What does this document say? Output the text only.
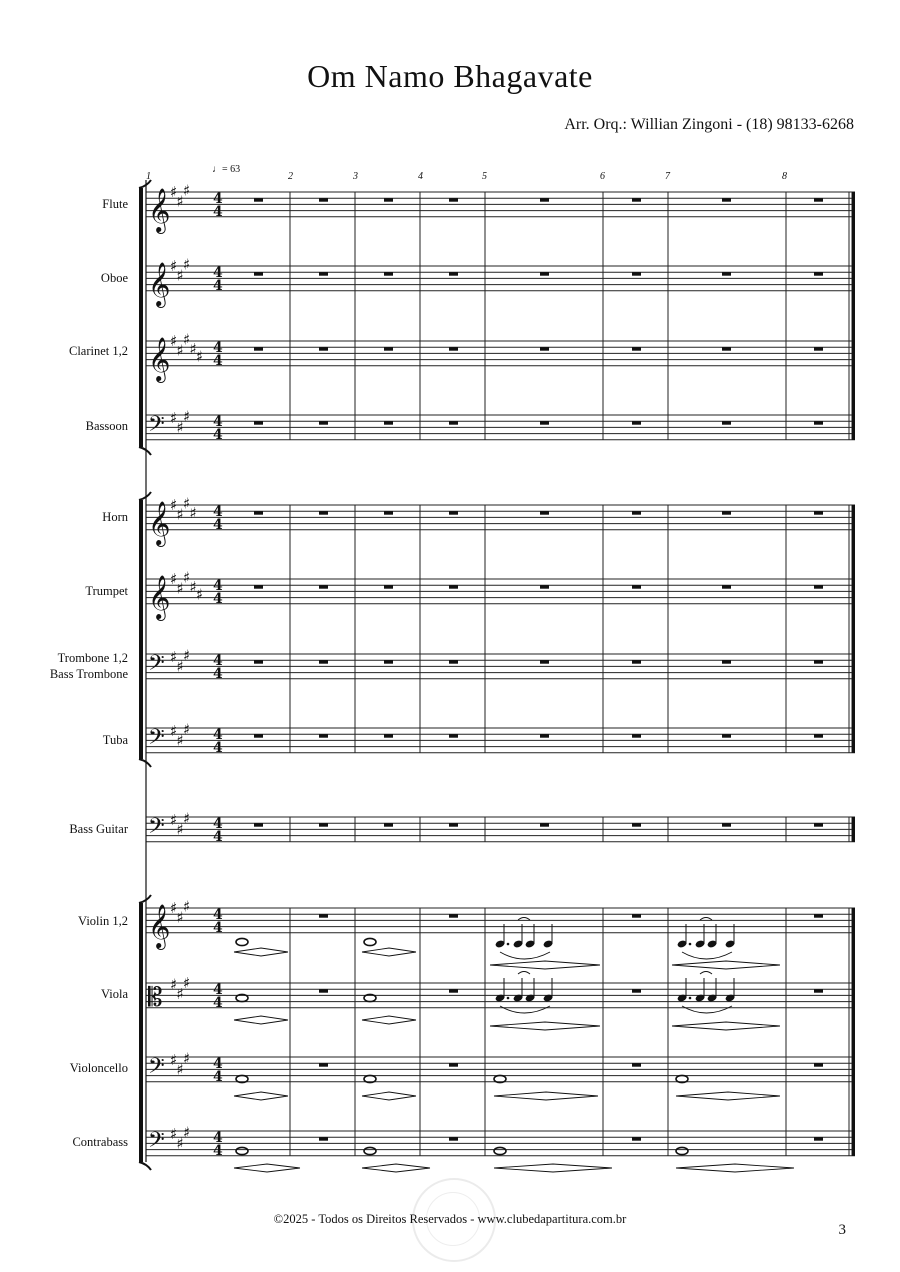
Om Namo Bhagavate
Arr. Orq.: Willian Zingoni - (18) 98133-6268
♩= 63
1	2	3	4	5	6	7	8
Flute
Oboe
Clarinet 1,2
Bassoon
Horn
Trumpet
Trombone 1,2
Bass Trombone
Tuba
Bass Guitar
Violin 1,2
Viola
Violoncello
Contrabass
𝄞 ♯
♯
♯ 4
4
𝄞 ♯
♯
♯ 4
4
𝄞 ♯
♯
♯
♯ ♯ 4
4
𝄢 ♯
♯
♯ 4
4
𝄞 ♯
♯
♯
♯ 4
4
𝄞 ♯
♯
♯
♯ ♯ 4
4
𝄢 ♯
♯
♯ 4
4
𝄢 ♯
♯
♯ 4
4
𝄢 ♯
♯
♯ 4
4
𝄞 ♯
♯
♯ 4
4
𝄡 ♯
♯
♯ 4
4
𝄢 ♯
♯
♯ 4
4
𝄢 ♯
♯
♯ 4
4
©2025 - Todos os Direitos Reservados - www.clubedapartitura.com.br
3
